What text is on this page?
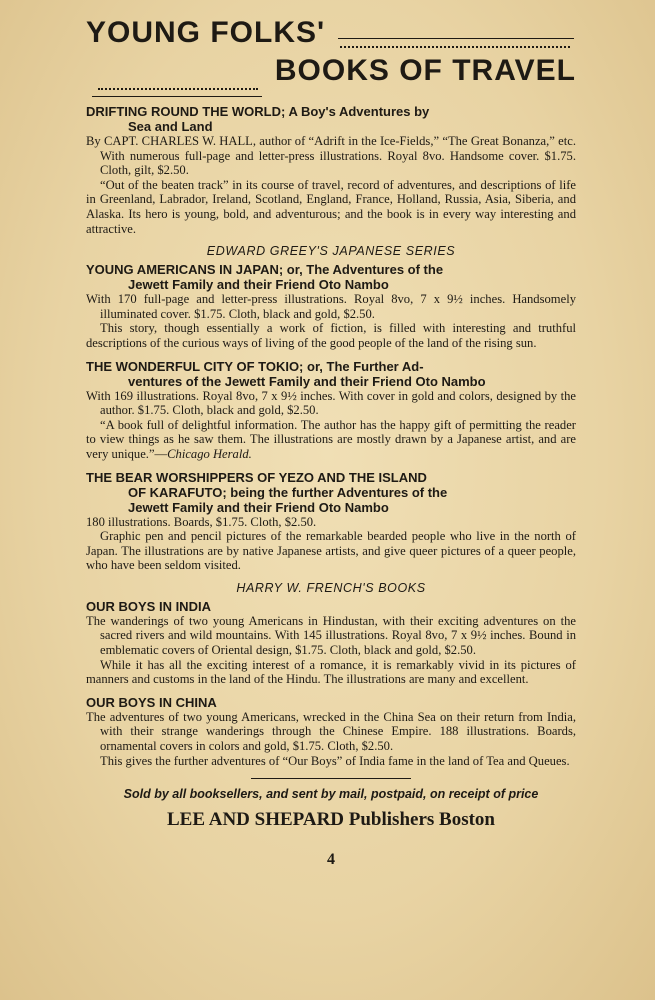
YOUNG FOLKS'
BOOKS OF TRAVEL
DRIFTING ROUND THE WORLD; A Boy's Adventures by
Sea and Land

By CAPT. CHARLES W. HALL, author of “Adrift in the Ice-Fields,” “The Great Bonanza,” etc. With numerous full-page and letter-press illustrations. Royal 8vo. Handsome cover. $1.75. Cloth, gilt, $2.50.

“Out of the beaten track” in its course of travel, record of adventures, and descriptions of life in Greenland, Labrador, Ireland, Scotland, England, France, Holland, Russia, Asia, Siberia, and Alaska. Its hero is young, bold, and adventurous; and the book is in every way interesting and attractive.

EDWARD GREEY'S JAPANESE SERIES
YOUNG AMERICANS IN JAPAN; or, The Adventures of the
Jewett Family and their Friend Oto Nambo

With 170 full-page and letter-press illustrations. Royal 8vo, 7 x 9½ inches. Handsomely illuminated cover. $1.75. Cloth, black and gold, $2.50.

This story, though essentially a work of fiction, is filled with interesting and truthful descriptions of the curious ways of living of the good people of the land of the rising sun.

THE WONDERFUL CITY OF TOKIO; or, The Further Ad-
ventures of the Jewett Family and their Friend Oto Nambo

With 169 illustrations. Royal 8vo, 7 x 9½ inches. With cover in gold and colors, designed by the author. $1.75. Cloth, black and gold, $2.50.

“A book full of delightful information. The author has the happy gift of permitting the reader to view things as he saw them. The illustrations are mostly drawn by a Japanese artist, and are very unique.”—Chicago Herald.

THE BEAR WORSHIPPERS OF YEZO AND THE ISLAND
OF KARAFUTO; being the further Adventures of the
Jewett Family and their Friend Oto Nambo

180 illustrations. Boards, $1.75. Cloth, $2.50.

Graphic pen and pencil pictures of the remarkable bearded people who live in the north of Japan. The illustrations are by native Japanese artists, and give queer pictures of a queer people, who have been seldom visited.

HARRY W. FRENCH'S BOOKS
OUR BOYS IN INDIA

The wanderings of two young Americans in Hindustan, with their exciting adventures on the sacred rivers and wild mountains. With 145 illustrations. Royal 8vo, 7 x 9½ inches. Bound in emblematic covers of Oriental design, $1.75. Cloth, black and gold, $2.50.

While it has all the exciting interest of a romance, it is remarkably vivid in its pictures of manners and customs in the land of the Hindu. The illustrations are many and excellent.

OUR BOYS IN CHINA

The adventures of two young Americans, wrecked in the China Sea on their return from India, with their strange wanderings through the Chinese Empire. 188 illustrations. Boards, ornamental covers in colors and gold, $1.75. Cloth, $2.50.

This gives the further adventures of “Our Boys” of India fame in the land of Tea and Queues.

Sold by all booksellers, and sent by mail, postpaid, on receipt of price
LEE AND SHEPARD Publishers Boston
4
